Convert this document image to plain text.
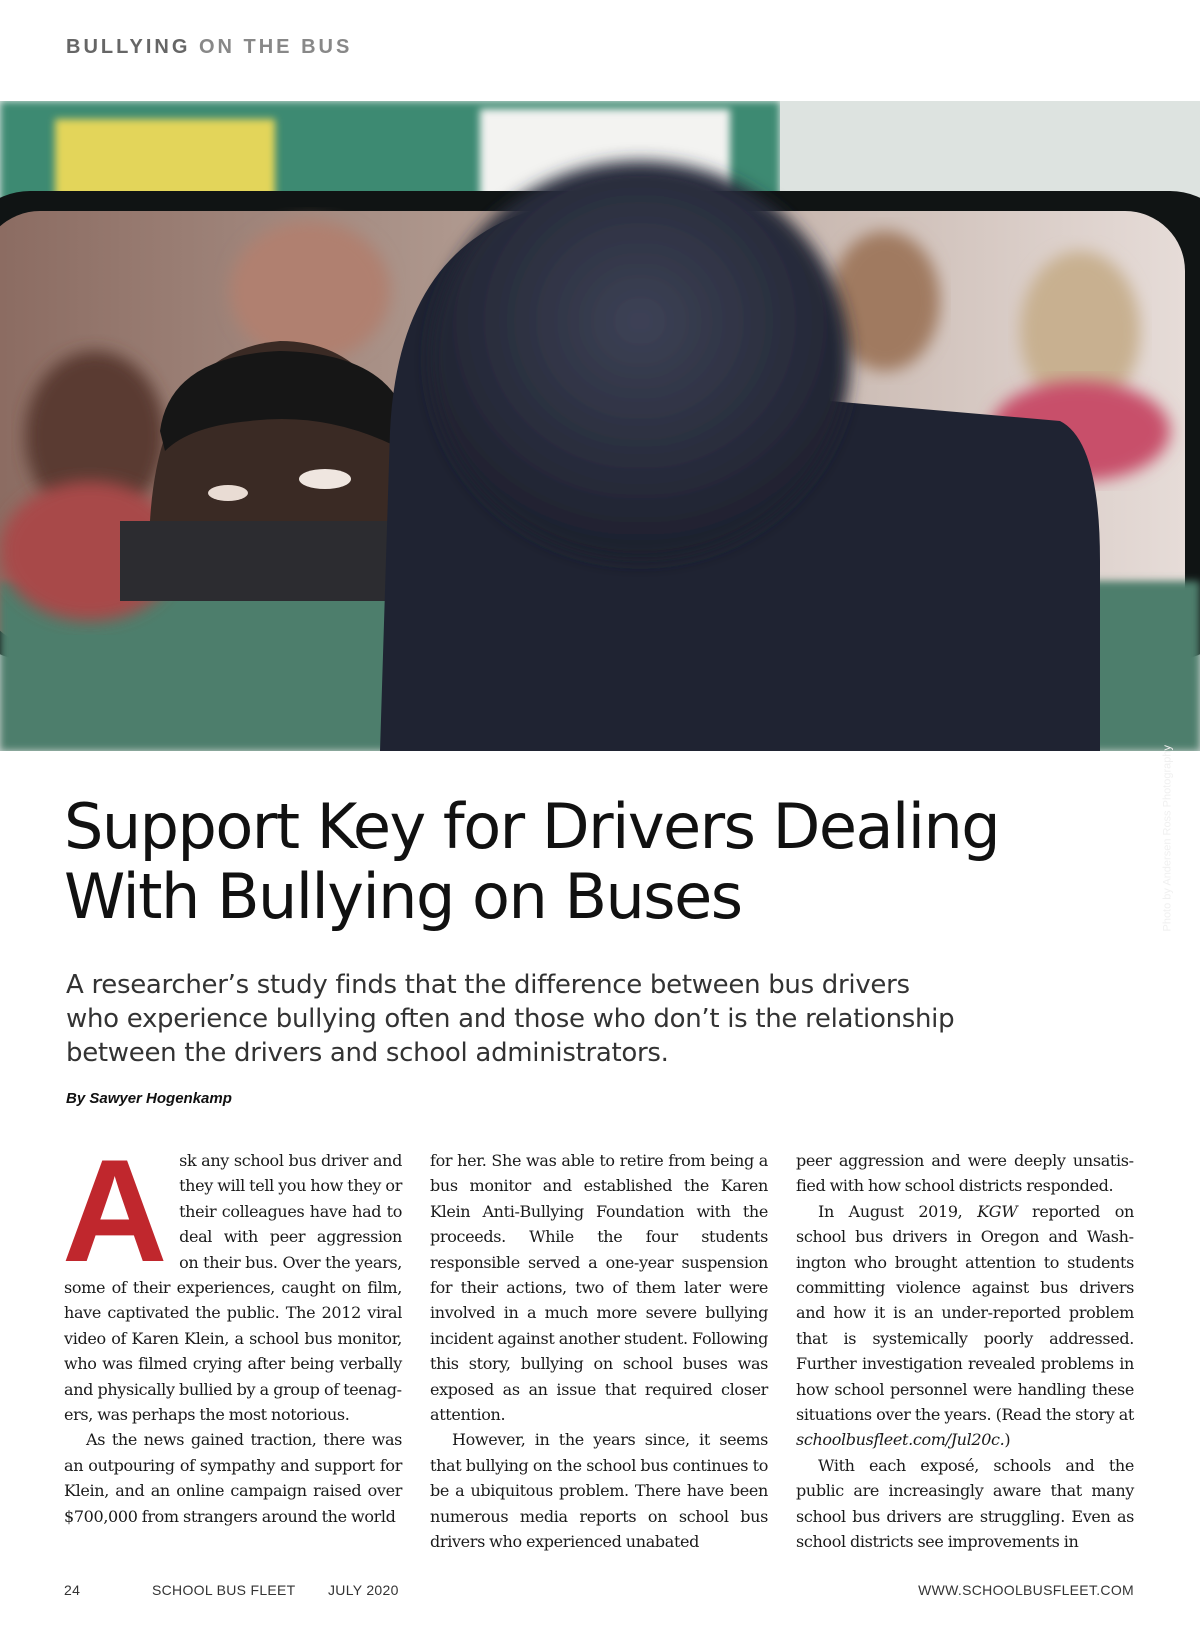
BULLYING ON THE BUS
Photo by Andersen Ross Photography
Support Key for Drivers Dealing
With Bullying on Buses
A researcher’s study finds that the difference between bus drivers
who experience bullying often and those who don’t is the relationship
between the drivers and school administrators.
By Sawyer Hogenkamp

Ask any school bus driver and they will tell you how they or their colleagues have had to deal with peer aggression on their bus. Over the years, some of their experiences, caught on film, have captivated the public. The 2012 viral video of Karen Klein, a school bus monitor, who was filmed crying after being verbally and physically bullied by a group of teenagers, was perhaps the most notorious.

As the news gained traction, there was an outpouring of sympathy and support for Klein, and an online campaign raised over $700,000 from strangers around the world

for her. She was able to retire from being a bus monitor and established the Karen Klein Anti-Bullying Foundation with the proceeds. While the four students responsible served a one-year suspension for their actions, two of them later were involved in a much more severe bullying incident against another student. Following this story, bullying on school buses was exposed as an issue that required closer attention.

However, in the years since, it seems that bullying on the school bus continues to be a ubiquitous problem. There have been numerous media reports on school bus drivers who experienced unabated

peer aggression and were deeply unsatisfied with how school districts responded.

In August 2019, KGW reported on school bus drivers in Oregon and Washington who brought attention to students committing violence against bus drivers and how it is an under-reported problem that is systemically poorly addressed. Further investigation revealed problems in how school personnel were handling these situations over the years. (Read the story at schoolbusfleet.com/Jul20c.)

With each exposé, schools and the public are increasingly aware that many school bus drivers are struggling. Even as school districts see improvements in

24	SCHOOL BUS FLEET JULY 2020	WWW.SCHOOLBUSFLEET.COM
